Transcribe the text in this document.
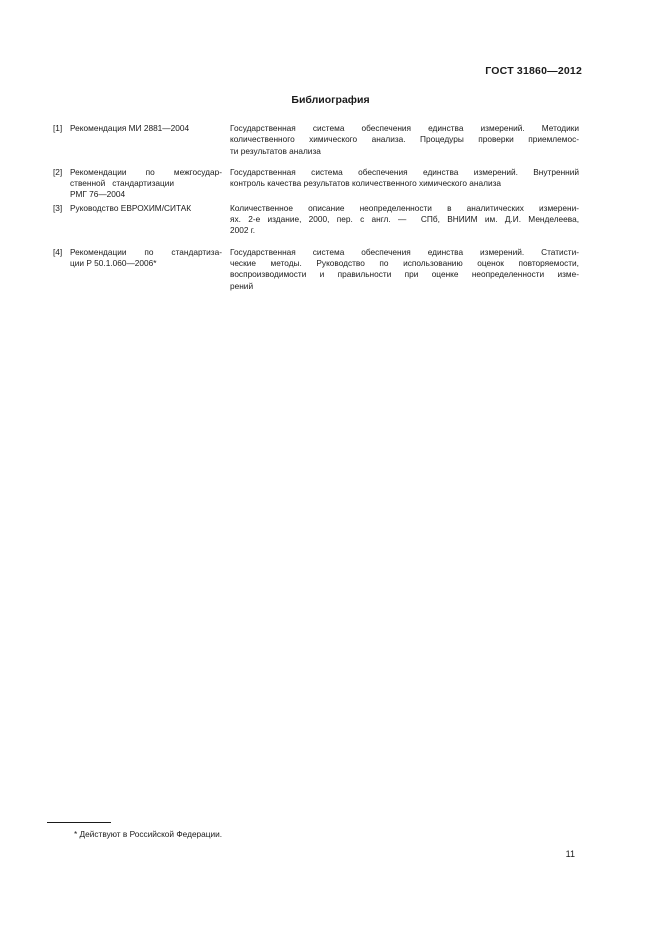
ГОСТ 31860—2012
Библиография
[1] Рекомендация МИ 2881—2004	Государственная система обеспечения единства измерений. Методики
количественного химического анализа. Процедуры проверки приемлемос-
ти результатов анализа
[2] Рекомендации по межгосудар-
ственной   стандартизации
РМГ 76—2004
Государственная система обеспечения единства измерений. Внутренний
контроль качества результатов количественного химического анализа
[3] Руководство ЕВРОХИМ/СИТАК	Количественное описание неопределенности в аналитических измерени-
ях. 2-е издание, 2000, пер. с англ. —  СПб, ВНИИМ им. Д.И. Менделеева,
2002 г.
[4] Рекомендации по стандартиза-
ции Р 50.1.060—2006*
Государственная система обеспечения единства измерений. Статисти-
ческие методы. Руководство по использованию оценок повторяемости,
воспроизводимости и правильности при оценке неопределенности изме-
рений
* Действуют в Российской Федерации.
11
